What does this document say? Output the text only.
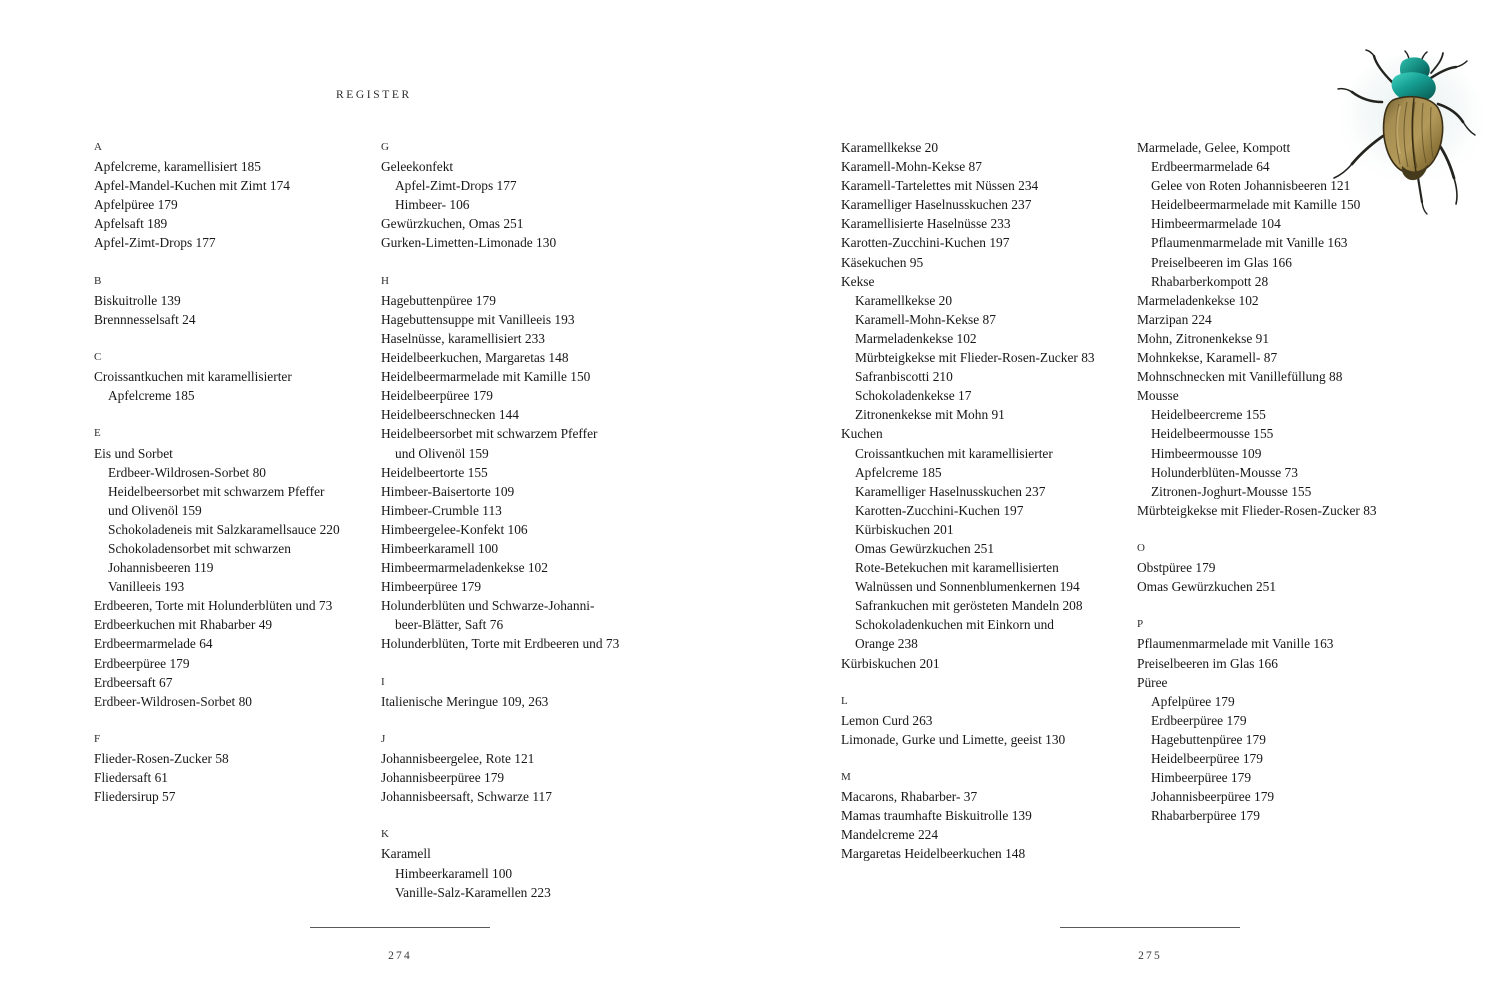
REGISTER
A
Apfelcreme, karamellisiert 185
Apfel-Mandel-Kuchen mit Zimt 174
Apfelpüree 179
Apfelsaft 189
Apfel-Zimt-Drops 177
B
Biskuitrolle 139
Brennnesselsaft 24
C
Croissantkuchen mit karamellisierter
Apfelcreme 185
E
Eis und Sorbet
Erdbeer-Wildrosen-Sorbet 80
Heidelbeersorbet mit schwarzem Pfeffer
und Olivenöl 159
Schokoladeneis mit Salzkaramellsauce 220
Schokoladensorbet mit schwarzen
Johannisbeeren 119
Vanilleeis 193
Erdbeeren, Torte mit Holunderblüten und 73
Erdbeerkuchen mit Rhabarber 49
Erdbeermarmelade 64
Erdbeerpüree 179
Erdbeersaft 67
Erdbeer-Wildrosen-Sorbet 80
F
Flieder-Rosen-Zucker 58
Fliedersaft 61
Fliedersirup 57
G
Geleekonfekt
Apfel-Zimt-Drops 177
Himbeer- 106
Gewürzkuchen, Omas 251
Gurken-Limetten-Limonade 130
H
Hagebuttenpüree 179
Hagebuttensuppe mit Vanilleeis 193
Haselnüsse, karamellisiert 233
Heidelbeerkuchen, Margaretas 148
Heidelbeermarmelade mit Kamille 150
Heidelbeerpüree 179
Heidelbeerschnecken 144
Heidelbeersorbet mit schwarzem Pfeffer
und Olivenöl 159
Heidelbeertorte 155
Himbeer-Baisertorte 109
Himbeer-Crumble 113
Himbeergelee-Konfekt 106
Himbeerkaramell 100
Himbeermarmeladenkekse 102
Himbeerpüree 179
Holunderblüten und Schwarze-Johanni-
beer-Blätter, Saft 76
Holunderblüten, Torte mit Erdbeeren und 73
I
Italienische Meringue 109, 263
J
Johannisbeergelee, Rote 121
Johannisbeerpüree 179
Johannisbeersaft, Schwarze 117
K
Karamell
Himbeerkaramell 100
Vanille-Salz-Karamellen 223
Karamellkekse 20
Karamell-Mohn-Kekse 87
Karamell-Tartelettes mit Nüssen 234
Karamelliger Haselnusskuchen 237
Karamellisierte Haselnüsse 233
Karotten-Zucchini-Kuchen 197
Käsekuchen 95
Kekse
Karamellkekse 20
Karamell-Mohn-Kekse 87
Marmeladenkekse 102
Mürbteigkekse mit Flieder-Rosen-Zucker 83
Safranbiscotti 210
Schokoladenkekse 17
Zitronenkekse mit Mohn 91
Kuchen
Croissantkuchen mit karamellisierter
Apfelcreme 185
Karamelliger Haselnusskuchen 237
Karotten-Zucchini-Kuchen 197
Kürbiskuchen 201
Omas Gewürzkuchen 251
Rote-Betekuchen mit karamellisierten
Walnüssen und Sonnenblumenkernen 194
Safrankuchen mit gerösteten Mandeln 208
Schokoladenkuchen mit Einkorn und
Orange 238
Kürbiskuchen 201
L
Lemon Curd 263
Limonade, Gurke und Limette, geeist 130
M
Macarons, Rhabarber- 37
Mamas traumhafte Biskuitrolle 139
Mandelcreme 224
Margaretas Heidelbeerkuchen 148
Marmelade, Gelee, Kompott
Erdbeermarmelade 64
Gelee von Roten Johannisbeeren 121
Heidelbeermarmelade mit Kamille 150
Himbeermarmelade 104
Pflaumenmarmelade mit Vanille 163
Preiselbeeren im Glas 166
Rhabarberkompott 28
Marmeladenkekse 102
Marzipan 224
Mohn, Zitronenkekse 91
Mohnkekse, Karamell- 87
Mohnschnecken mit Vanillefüllung 88
Mousse
Heidelbeercreme 155
Heidelbeermousse 155
Himbeermousse 109
Holunderblüten-Mousse 73
Zitronen-Joghurt-Mousse 155
Mürbteigkekse mit Flieder-Rosen-Zucker 83
O
Obstpüree 179
Omas Gewürzkuchen 251
P
Pflaumenmarmelade mit Vanille 163
Preiselbeeren im Glas 166
Püree
Apfelpüree 179
Erdbeerpüree 179
Hagebuttenpüree 179
Heidelbeerpüree 179
Himbeerpüree 179
Johannisbeerpüree 179
Rhabarberpüree 179
274	275
